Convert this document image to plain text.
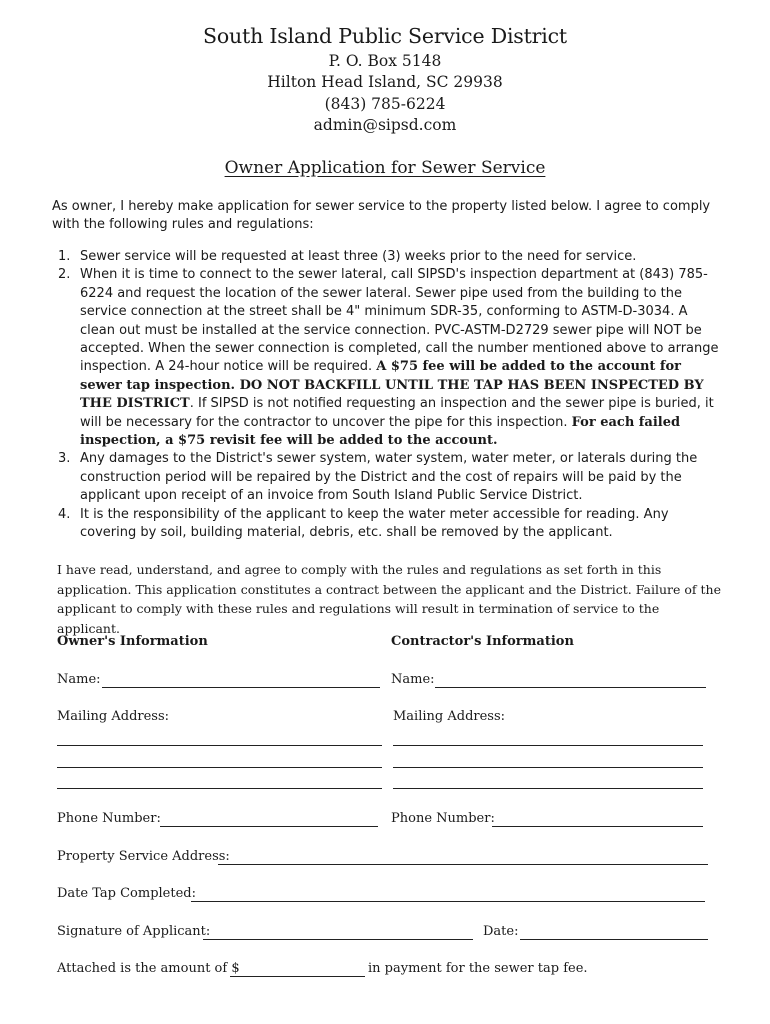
South Island Public Service District
P. O. Box 5148
Hilton Head Island, SC 29938
(843) 785-6224
admin@sipsd.com
Owner Application for Sewer Service
As owner, I hereby make application for sewer service to the property listed below. I agree to comply with the following rules and regulations:
1. Sewer service will be requested at least three (3) weeks prior to the need for service.
2. When it is time to connect to the sewer lateral, call SIPSD's inspection department at (843) 785-6224 and request the location of the sewer lateral. Sewer pipe used from the building to the service connection at the street shall be 4" minimum SDR-35, conforming to ASTM-D-3034. A clean out must be installed at the service connection. PVC-ASTM-D2729 sewer pipe will NOT be accepted. When the sewer connection is completed, call the number mentioned above to arrange inspection. A 24-hour notice will be required. A $75 fee will be added to the account for sewer tap inspection. DO NOT BACKFILL UNTIL THE TAP HAS BEEN INSPECTED BY THE DISTRICT. If SIPSD is not notified requesting an inspection and the sewer pipe is buried, it will be necessary for the contractor to uncover the pipe for this inspection. For each failed inspection, a $75 revisit fee will be added to the account.
3. Any damages to the District's sewer system, water system, water meter, or laterals during the construction period will be repaired by the District and the cost of repairs will be paid by the applicant upon receipt of an invoice from South Island Public Service District.
4. It is the responsibility of the applicant to keep the water meter accessible for reading. Any covering by soil, building material, debris, etc. shall be removed by the applicant.
I have read, understand, and agree to comply with the rules and regulations as set forth in this application. This application constitutes a contract between the applicant and the District. Failure of the applicant to comply with these rules and regulations will result in termination of service to the applicant.
Owner's Information	Contractor's Information
Name:	Name:
Mailing Address:	Mailing Address:
Phone Number:	Phone Number:
Property Service Address:
Date Tap Completed:
Signature of Applicant:	Date:
Attached is the amount of $	in payment for the sewer tap fee.
